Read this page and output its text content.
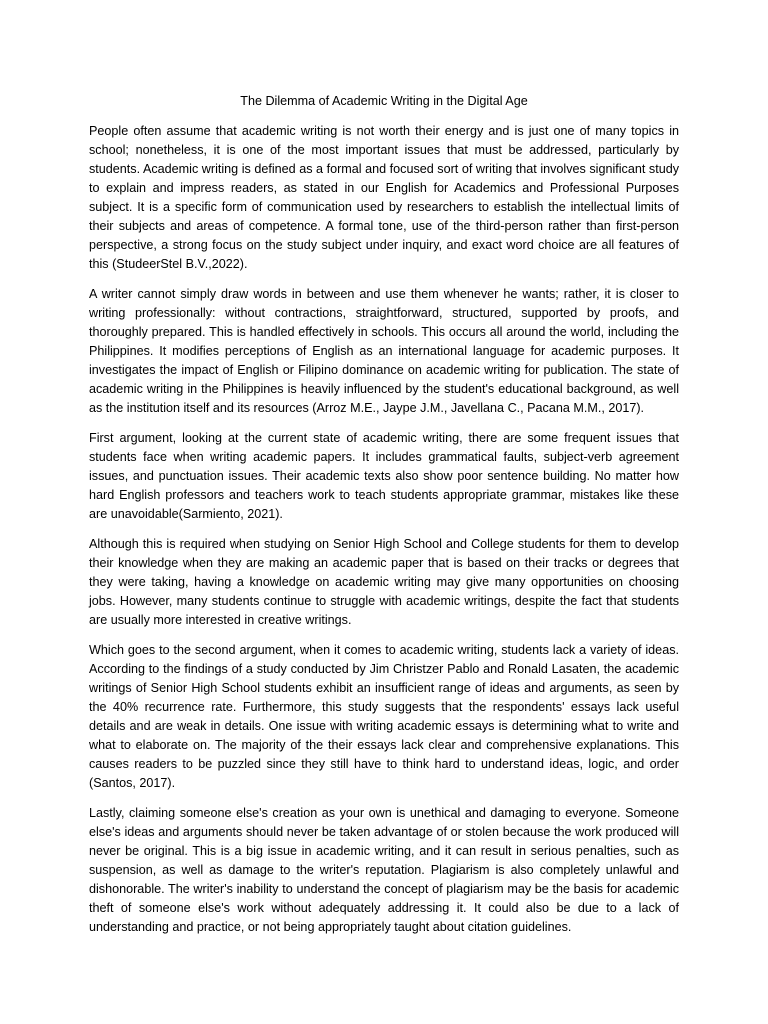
The Dilemma of Academic Writing in the Digital Age

People often assume that academic writing is not worth their energy and is just one of many topics in school; nonetheless, it is one of the most important issues that must be addressed, particularly by students. Academic writing is defined as a formal and focused sort of writing that involves significant study to explain and impress readers, as stated in our English for Academics and Professional Purposes subject. It is a specific form of communication used by researchers to establish the intellectual limits of their subjects and areas of competence. A formal tone, use of the third-person rather than first-person perspective, a strong focus on the study subject under inquiry, and exact word choice are all features of this (StudeerStel B.V.,2022).

A writer cannot simply draw words in between and use them whenever he wants; rather, it is closer to writing professionally: without contractions, straightforward, structured, supported by proofs, and thoroughly prepared. This is handled effectively in schools. This occurs all around the world, including the Philippines. It modifies perceptions of English as an international language for academic purposes. It investigates the impact of English or Filipino dominance on academic writing for publication. The state of academic writing in the Philippines is heavily influenced by the student's educational background, as well as the institution itself and its resources (Arroz M.E., Jaype J.M., Javellana C., Pacana M.M., 2017).

First argument, looking at the current state of academic writing, there are some frequent issues that students face when writing academic papers. It includes grammatical faults, subject-verb agreement issues, and punctuation issues. Their academic texts also show poor sentence building. No matter how hard English professors and teachers work to teach students appropriate grammar, mistakes like these are unavoidable(Sarmiento, 2021).

Although this is required when studying on Senior High School and College students for them to develop their knowledge when they are making an academic paper that is based on their tracks or degrees that they were taking, having a knowledge on academic writing may give many opportunities on choosing jobs. However, many students continue to struggle with academic writings, despite the fact that students are usually more interested in creative writings.

Which goes to the second argument, when it comes to academic writing, students lack a variety of ideas. According to the findings of a study conducted by Jim Christzer Pablo and Ronald Lasaten, the academic writings of Senior High School students exhibit an insufficient range of ideas and arguments, as seen by the 40% recurrence rate. Furthermore, this study suggests that the respondents' essays lack useful details and are weak in details. One issue with writing academic essays is determining what to write and what to elaborate on. The majority of the their essays lack clear and comprehensive explanations. This causes readers to be puzzled since they still have to think hard to understand ideas, logic, and order (Santos, 2017).

Lastly, claiming someone else's creation as your own is unethical and damaging to everyone. Someone else's ideas and arguments should never be taken advantage of or stolen because the work produced will never be original. This is a big issue in academic writing, and it can result in serious penalties, such as suspension, as well as damage to the writer's reputation. Plagiarism is also completely unlawful and dishonorable. The writer's inability to understand the concept of plagiarism may be the basis for academic theft of someone else's work without adequately addressing it. It could also be due to a lack of understanding and practice, or not being appropriately taught about citation guidelines.
